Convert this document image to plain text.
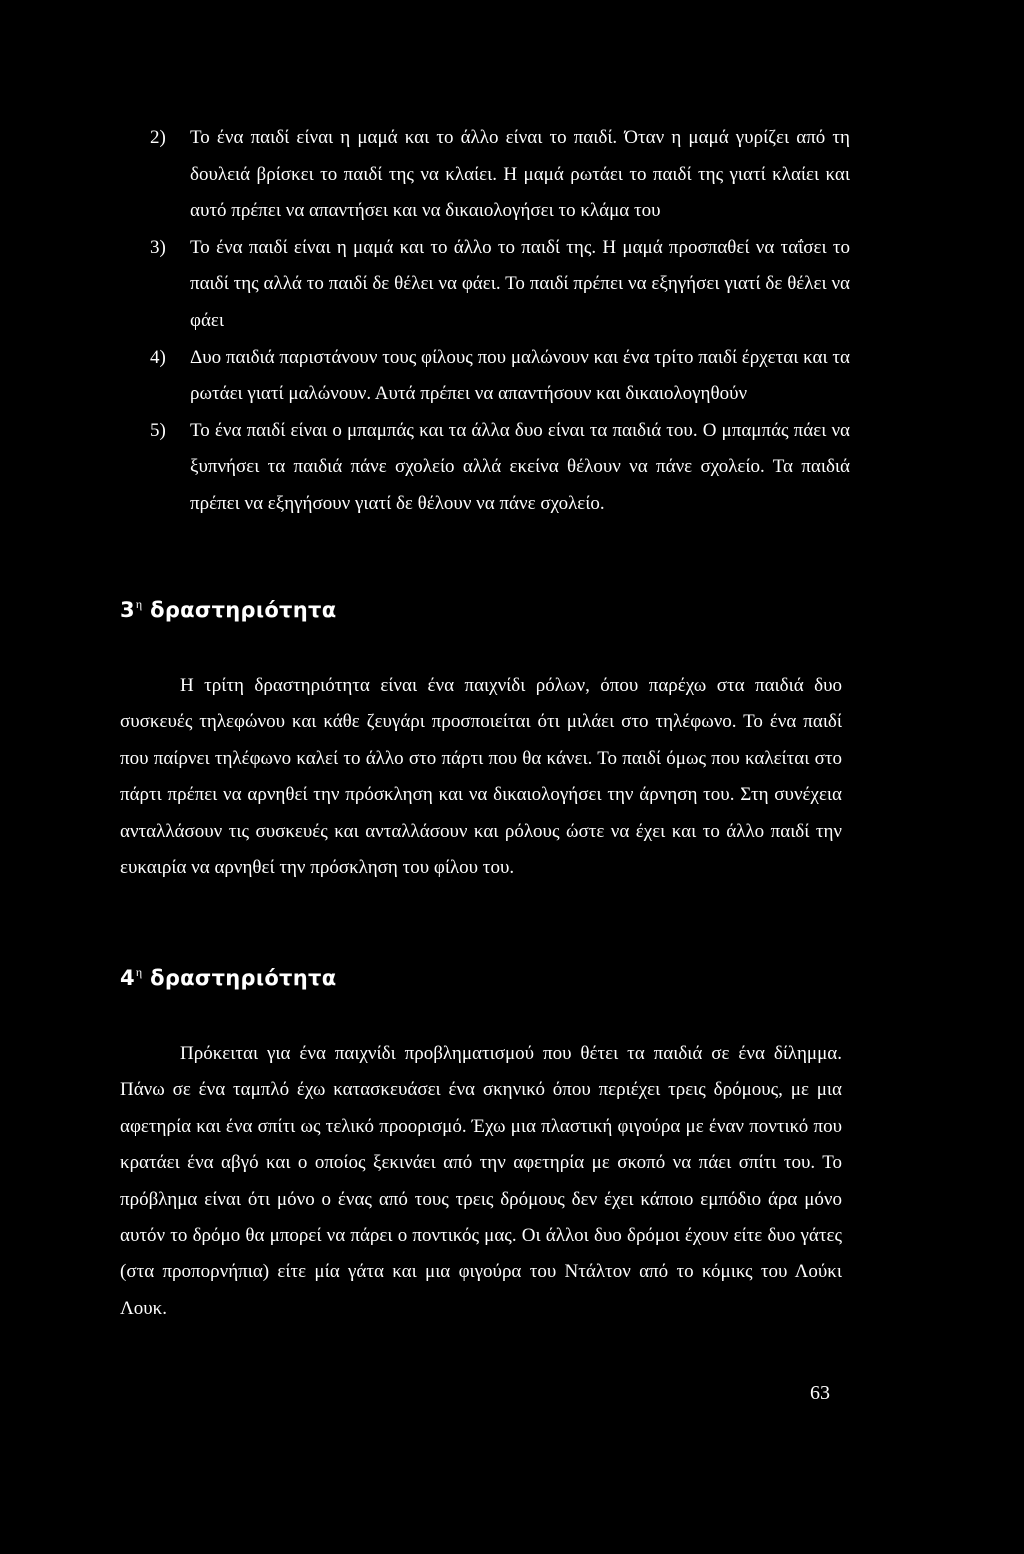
2) Το ένα παιδί είναι η μαμά και το άλλο είναι το παιδί. Όταν η μαμά γυρίζει από τη δουλειά βρίσκει το παιδί της να κλαίει. Η μαμά ρωτάει το παιδί της γιατί κλαίει και αυτό πρέπει να απαντήσει και να δικαιολογήσει το κλάμα του
3) Το ένα παιδί είναι η μαμά και το άλλο το παιδί της. Η μαμά προσπαθεί να ταΐσει το παιδί της αλλά το παιδί δε θέλει να φάει. Το παιδί πρέπει να εξηγήσει γιατί δε θέλει να φάει
4) Δυο παιδιά παριστάνουν τους φίλους που μαλώνουν και ένα τρίτο παιδί έρχεται και τα ρωτάει γιατί μαλώνουν. Αυτά πρέπει να απαντήσουν και δικαιολογηθούν
5) Το ένα παιδί είναι ο μπαμπάς και τα άλλα δυο είναι τα παιδιά του. Ο μπαμπάς πάει να ξυπνήσει τα παιδιά πάνε σχολείο αλλά εκείνα θέλουν να πάνε σχολείο. Τα παιδιά πρέπει να εξηγήσουν γιατί δε θέλουν να πάνε σχολείο.
$3^\eta$ δραστηριότητα

Η τρίτη δραστηριότητα είναι ένα παιχνίδι ρόλων, όπου παρέχω στα παιδιά δυο συσκευές τηλεφώνου και κάθε ζευγάρι προσποιείται ότι μιλάει στο τηλέφωνο. Το ένα παιδί που παίρνει τηλέφωνο καλεί το άλλο στο πάρτι που θα κάνει. Το παιδί όμως που καλείται στο πάρτι πρέπει να αρνηθεί την πρόσκληση και να δικαιολογήσει την άρνηση του. Στη συνέχεια ανταλλάσουν τις συσκευές και ανταλλάσουν και ρόλους ώστε να έχει και το άλλο παιδί την ευκαιρία να αρνηθεί την πρόσκληση του φίλου του.

$4^\eta$ δραστηριότητα

Πρόκειται για ένα παιχνίδι προβληματισμού που θέτει τα παιδιά σε ένα δίλημμα. Πάνω σε ένα ταμπλό έχω κατασκευάσει ένα σκηνικό όπου περιέχει τρεις δρόμους, με μια αφετηρία και ένα σπίτι ως τελικό προορισμό. Έχω μια πλαστική φιγούρα με έναν ποντικό που κρατάει ένα αβγό και ο οποίος ξεκινάει από την αφετηρία με σκοπό να πάει σπίτι του. Το πρόβλημα είναι ότι μόνο ο ένας από τους τρεις δρόμους δεν έχει κάποιο εμπόδιο άρα μόνο αυτόν το δρόμο θα μπορεί να πάρει ο ποντικός μας. Οι άλλοι δυο δρόμοι έχουν είτε δυο γάτες (στα προπορνήπια) είτε μία γάτα και μια φιγούρα του Ντάλτον από το κόμικς του Λούκι Λουκ.

63
